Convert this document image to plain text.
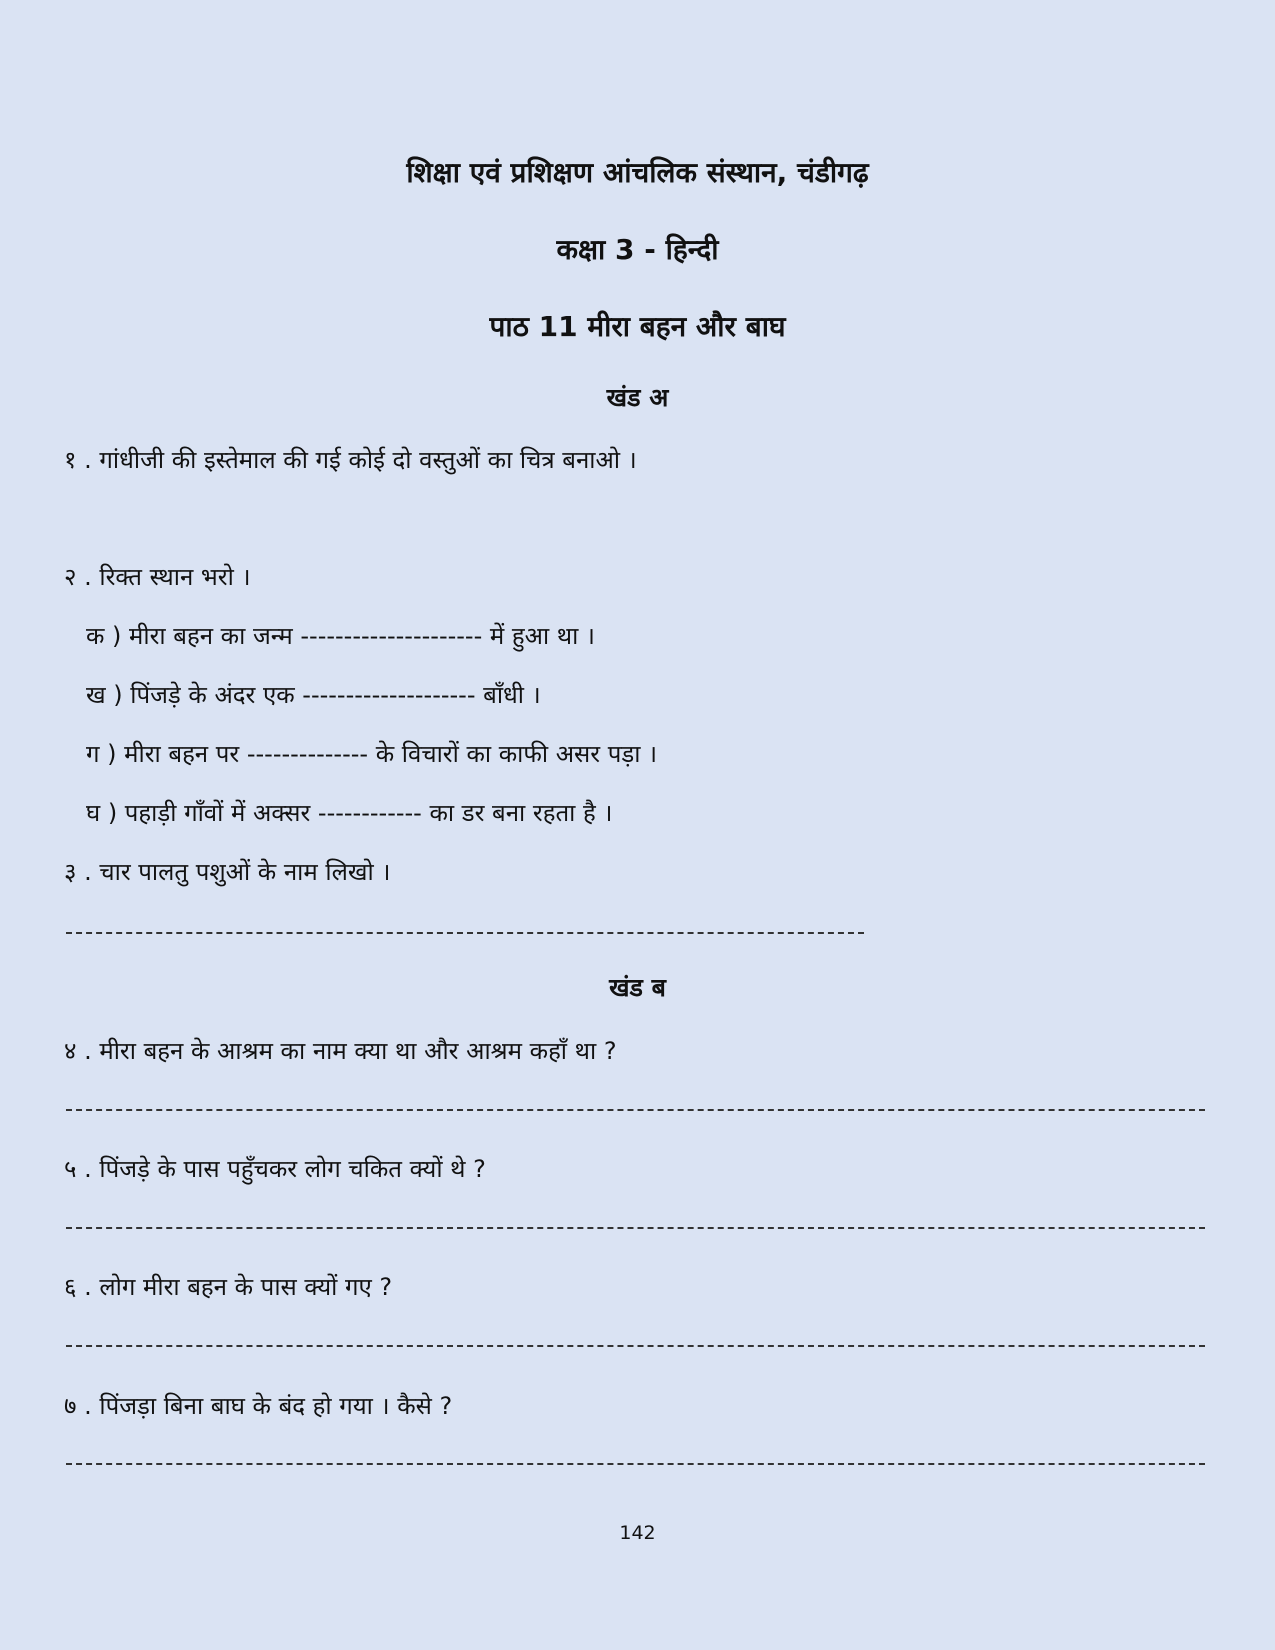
शिक्षा एवं प्रशिक्षण आंचलिक संस्थान, चंडीगढ़
कक्षा 3 - हिन्दी
पाठ 11 मीरा बहन और बाघ
खंड अ
१ . गांधीजी की इस्तेमाल की गई कोई दो वस्तुओं का चित्र बनाओ ।
२ . रिक्त स्थान भरो ।
क ) मीरा बहन का जन्म --------------------- में हुआ था ।
ख ) पिंजड़े के अंदर एक -------------------- बाँधी ।
ग ) मीरा बहन पर -------------- के विचारों का काफी असर पड़ा ।
घ ) पहाड़ी गाँवों में अक्सर ------------ का डर बना रहता है ।
३ . चार पालतु पशुओं के नाम लिखो ।
खंड ब
४ . मीरा बहन के आश्रम का नाम क्या था और आश्रम कहाँ था ?
५ . पिंजड़े के पास पहुँचकर लोग चकित क्यों थे ?
६ . लोग मीरा बहन के पास क्यों गए ?
७ . पिंजड़ा बिना बाघ के बंद हो गया । कैसे ?
142
